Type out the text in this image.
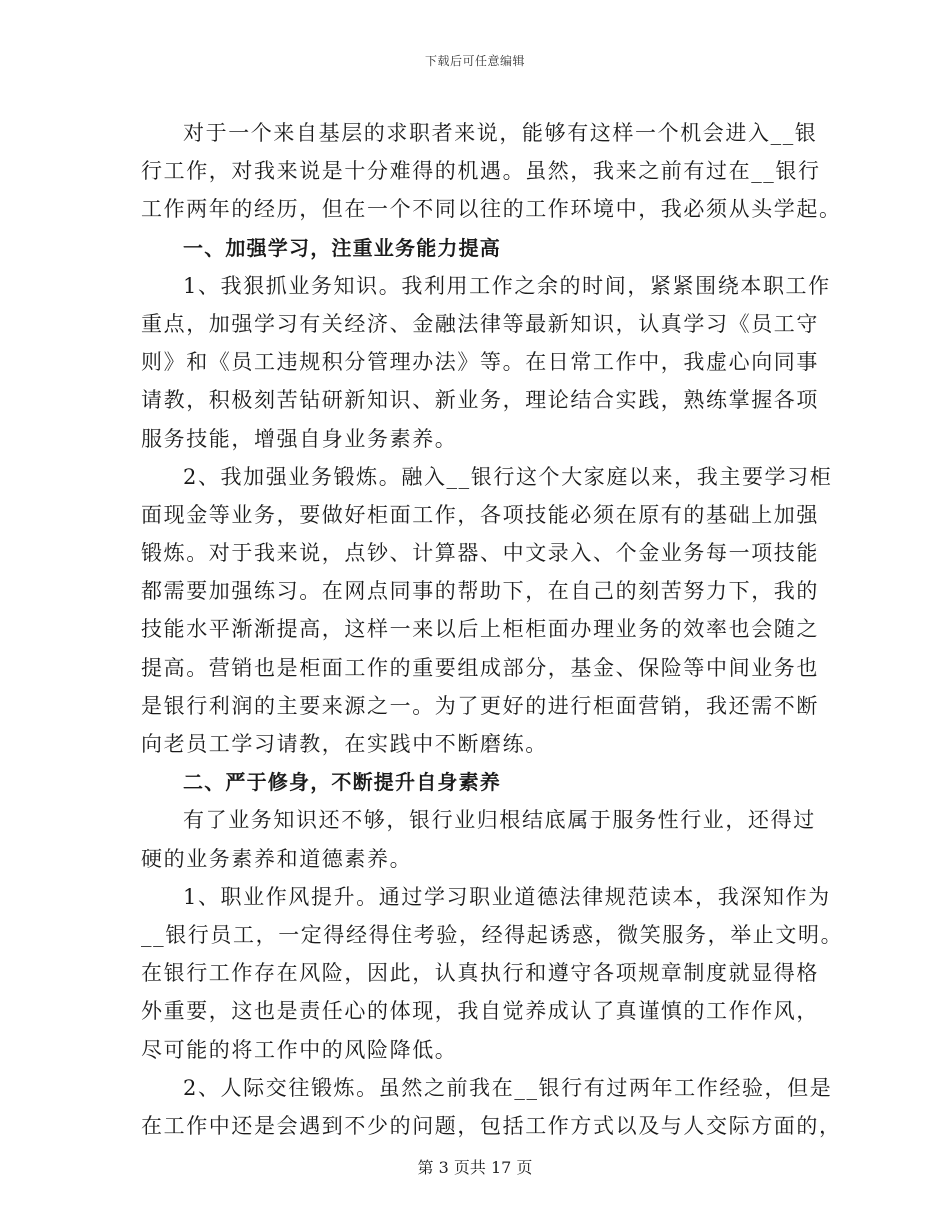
下载后可任意编辑
对于一个来自基层的求职者来说，能够有这样一个机会进入__银
行工作，对我来说是十分难得的机遇。虽然，我来之前有过在__银行
工作两年的经历，但在一个不同以往的工作环境中，我必须从头学起。
一、加强学习，注重业务能力提高
1、我狠抓业务知识。我利用工作之余的时间，紧紧围绕本职工作
重点，加强学习有关经济、金融法律等最新知识，认真学习《员工守
则》和《员工违规积分管理办法》等。在日常工作中，我虚心向同事
请教，积极刻苦钻研新知识、新业务，理论结合实践，熟练掌握各项
服务技能，增强自身业务素养。
2、我加强业务锻炼。融入__银行这个大家庭以来，我主要学习柜
面现金等业务，要做好柜面工作，各项技能必须在原有的基础上加强
锻炼。对于我来说，点钞、计算器、中文录入、个金业务每一项技能
都需要加强练习。在网点同事的帮助下，在自己的刻苦努力下，我的
技能水平渐渐提高，这样一来以后上柜柜面办理业务的效率也会随之
提高。营销也是柜面工作的重要组成部分，基金、保险等中间业务也
是银行利润的主要来源之一。为了更好的进行柜面营销，我还需不断
向老员工学习请教，在实践中不断磨练。
二、严于修身，不断提升自身素养
有了业务知识还不够，银行业归根结底属于服务性行业，还得过
硬的业务素养和道德素养。
1、职业作风提升。通过学习职业道德法律规范读本，我深知作为
__银行员工，一定得经得住考验，经得起诱惑，微笑服务，举止文明。
在银行工作存在风险，因此，认真执行和遵守各项规章制度就显得格
外重要，这也是责任心的体现，我自觉养成认了真谨慎的工作作风，
尽可能的将工作中的风险降低。
2、人际交往锻炼。虽然之前我在__银行有过两年工作经验，但是
在工作中还是会遇到不少的问题，包括工作方式以及与人交际方面的，
第 3 页共 17 页
